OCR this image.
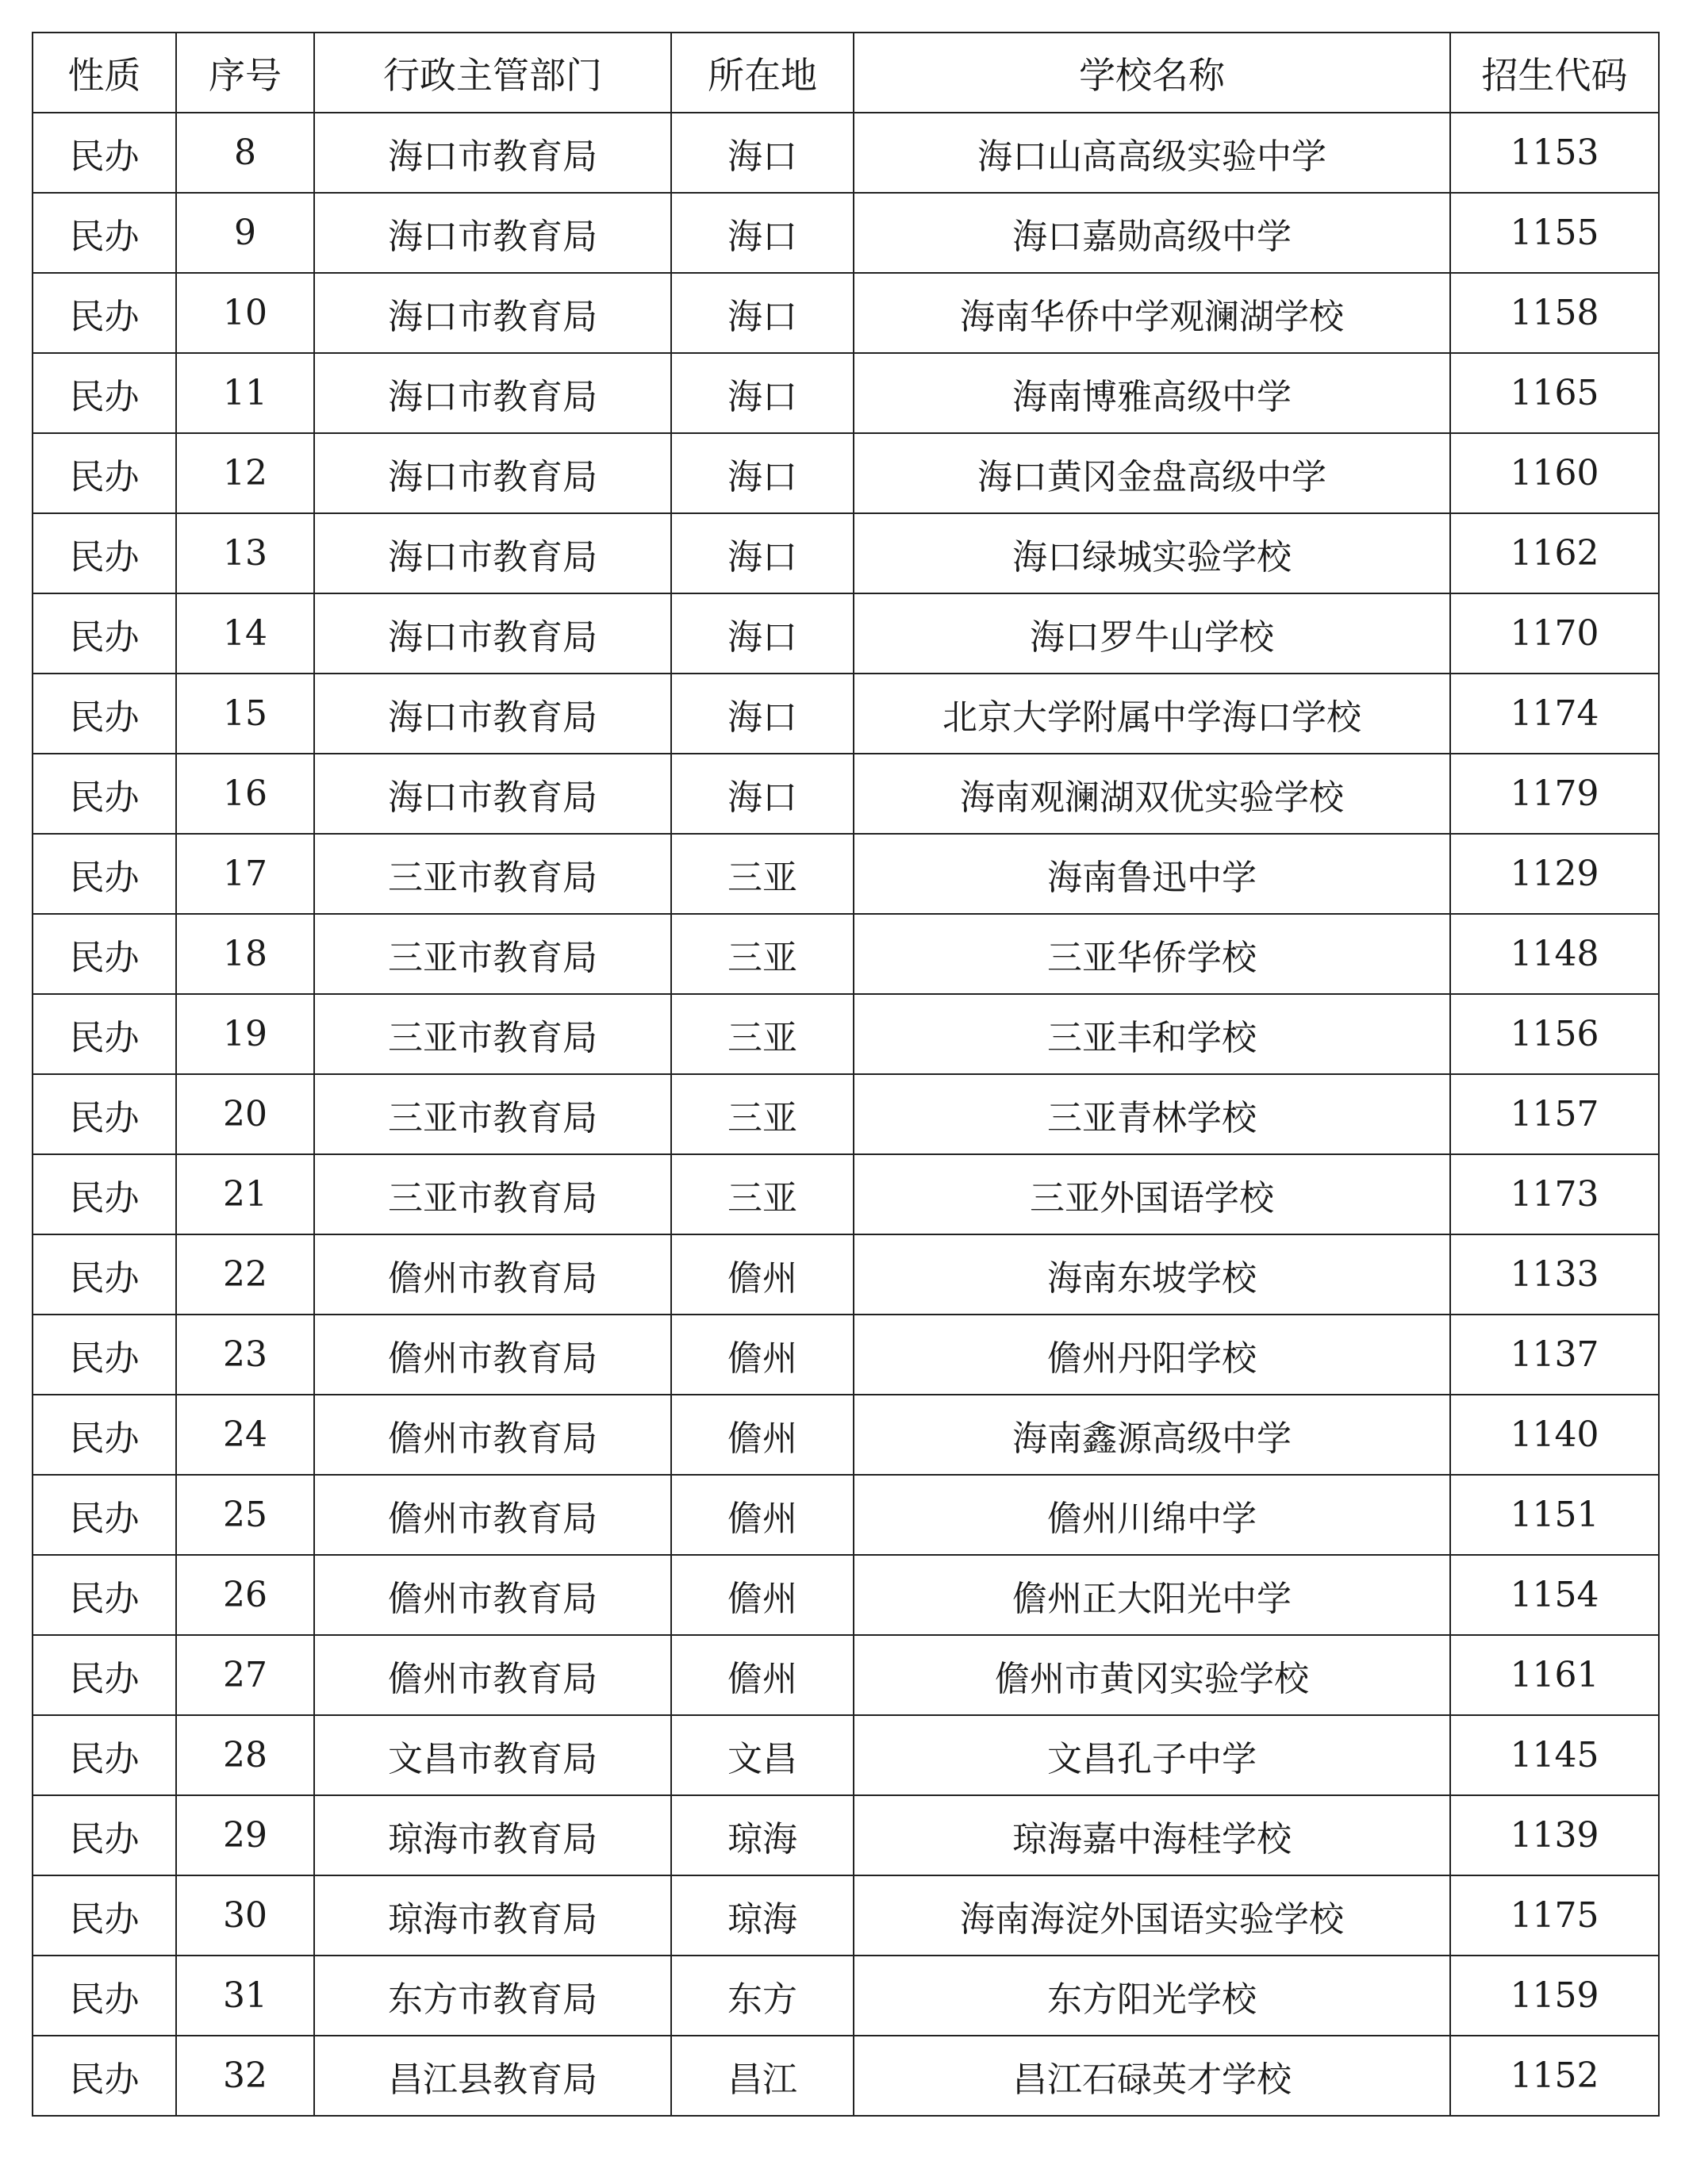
性质	序号	行政主管部门	所在地	学校名称	招生代码
民办	8	海口市教育局	海口	海口山高高级实验中学	1153
民办	9	海口市教育局	海口	海口嘉勋高级中学	1155
民办	10	海口市教育局	海口	海南华侨中学观澜湖学校	1158
民办	11	海口市教育局	海口	海南博雅高级中学	1165
民办	12	海口市教育局	海口	海口黄冈金盘高级中学	1160
民办	13	海口市教育局	海口	海口绿城实验学校	1162
民办	14	海口市教育局	海口	海口罗牛山学校	1170
民办	15	海口市教育局	海口	北京大学附属中学海口学校	1174
民办	16	海口市教育局	海口	海南观澜湖双优实验学校	1179
民办	17	三亚市教育局	三亚	海南鲁迅中学	1129
民办	18	三亚市教育局	三亚	三亚华侨学校	1148
民办	19	三亚市教育局	三亚	三亚丰和学校	1156
民办	20	三亚市教育局	三亚	三亚青林学校	1157
民办	21	三亚市教育局	三亚	三亚外国语学校	1173
民办	22	儋州市教育局	儋州	海南东坡学校	1133
民办	23	儋州市教育局	儋州	儋州丹阳学校	1137
民办	24	儋州市教育局	儋州	海南鑫源高级中学	1140
民办	25	儋州市教育局	儋州	儋州川绵中学	1151
民办	26	儋州市教育局	儋州	儋州正大阳光中学	1154
民办	27	儋州市教育局	儋州	儋州市黄冈实验学校	1161
民办	28	文昌市教育局	文昌	文昌孔子中学	1145
民办	29	琼海市教育局	琼海	琼海嘉中海桂学校	1139
民办	30	琼海市教育局	琼海	海南海淀外国语实验学校	1175
民办	31	东方市教育局	东方	东方阳光学校	1159
民办	32	昌江县教育局	昌江	昌江石碌英才学校	1152
